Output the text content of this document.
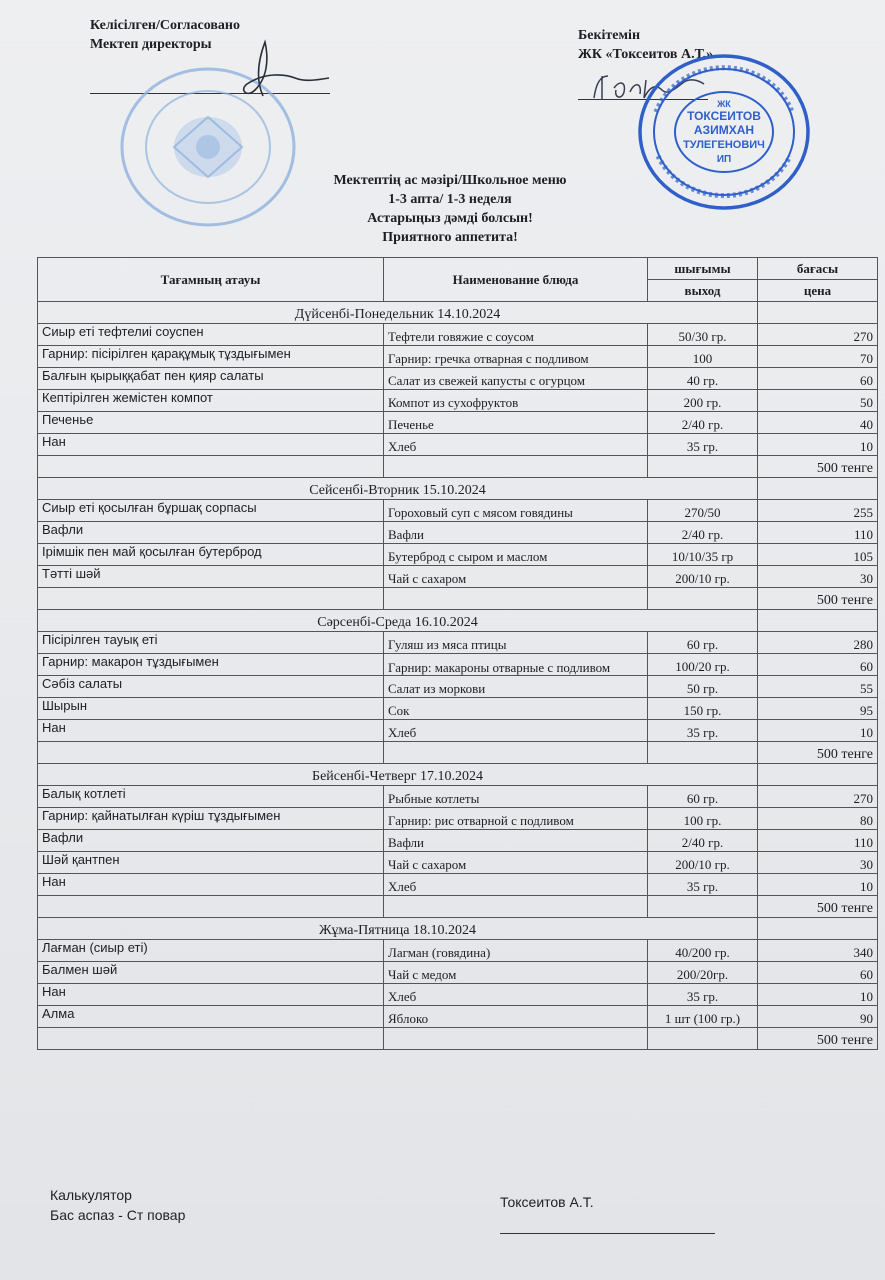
Келісілген/Согласовано
Мектеп директоры
Бекітемін
ЖК «Токсеитов А.Т.»
ЖК
ТОКСЕИТОВ
АЗИМХАН
ТУЛЕГЕНОВИЧ
ИП
Мектептің ас мәзірі/Школьное меню
1-3 апта/ 1-3 неделя
Астарыңыз дәмді болсын!
Приятного аппетита!
Тағамның атауы	Наименование блюда	шығымы	бағасы
		выход	цена
Дүйсенбі-Понедельник 14.10.2024			
Сиыр еті тефтелиі соуспен	Тефтели говяжие с соусом	50/30 гр.	270
Гарнир: пісірілген қарақұмық тұздығымен	Гарнир: гречка отварная с подливом	100	70
Балғын қырыққабат пен қияр салаты	Салат из свежей капусты с огурцом	40 гр.	60
Кептірілген жемістен компот	Компот из сухофруктов	200 гр.	50
Печенье	Печенье	2/40 гр.	40
Нан	Хлеб	35 гр.	10
			500 тенге
Сейсенбі-Вторник 15.10.2024			
Сиыр еті қосылған бұршақ сорпасы	Гороховый суп с мясом говядины	270/50	255
Вафли	Вафли	2/40 гр.	110
Ірімшік пен май қосылған бутерброд	Бутерброд с сыром и маслом	10/10/35 гр	105
Тәтті шәй	Чай с сахаром	200/10 гр.	30
			500 тенге
Сәрсенбі-Среда 16.10.2024			
Пісірілген тауық еті	Гуляш из мяса птицы	60 гр.	280
Гарнир: макарон тұздығымен	Гарнир: макароны отварные с подливом	100/20 гр.	60
Сәбіз салаты	Салат из моркови	50 гр.	55
Шырын	Сок	150 гр.	95
Нан	Хлеб	35 гр.	10
			500 тенге
Бейсенбі-Четверг 17.10.2024			
Балық котлеті	Рыбные котлеты	60 гр.	270
Гарнир: қайнатылған күріш тұздығымен	Гарнир: рис отварной с подливом	100 гр.	80
Вафли	Вафли	2/40 гр.	110
Шәй қантпен	Чай с сахаром	200/10 гр.	30
Нан	Хлеб	35 гр.	10
			500 тенге
Жұма-Пятница 18.10.2024			
Лағман (сиыр еті)	Лагман (говядина)	40/200 гр.	340
Балмен шәй	Чай с медом	200/20гр.	60
Нан	Хлеб	35 гр.	10
Алма	Яблоко	1 шт (100 гр.)	90
			500 тенге
Калькулятор
Бас аспаз - Ст повар
Токсеитов А.Т.
